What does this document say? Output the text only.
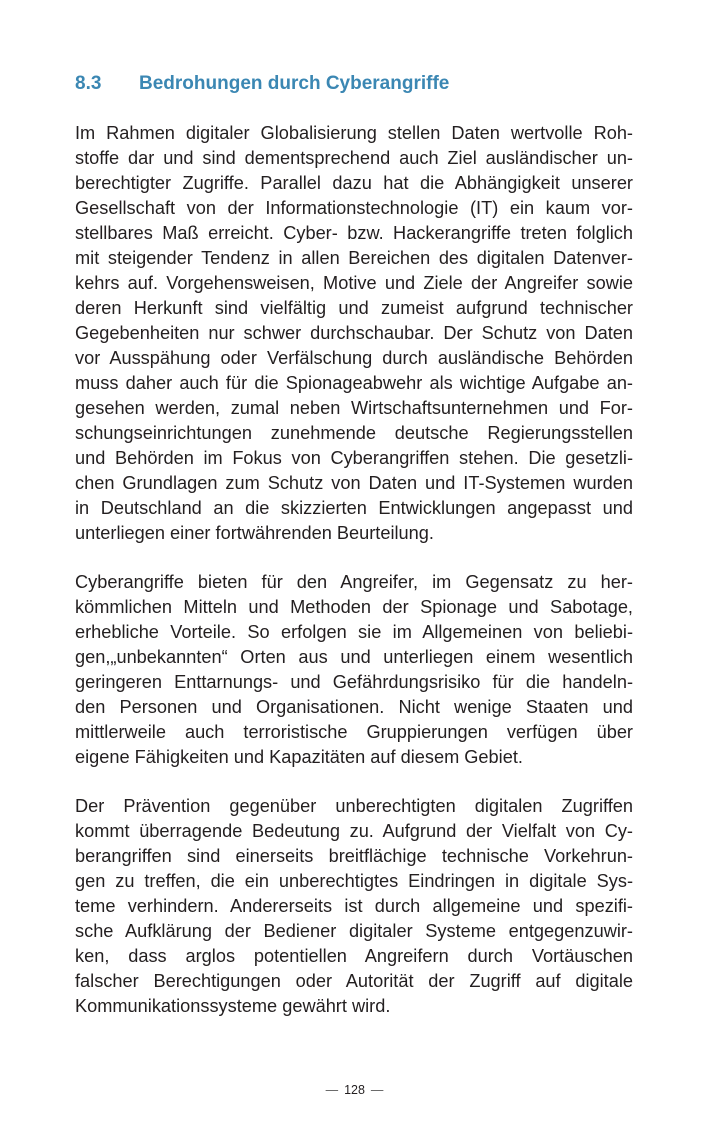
8.3 Bedrohungen durch Cyberangriffe
Im Rahmen digitaler Globalisierung stellen Daten wertvolle Roh-
stoffe dar und sind dementsprechend auch Ziel ausländischer un-
berechtigter Zugriffe. Parallel dazu hat die Abhängigkeit unserer
Gesellschaft von der Informationstechnologie (IT) ein kaum vor-
stellbares Maß erreicht. Cyber- bzw. Hackerangriffe treten folglich
mit steigender Tendenz in allen Bereichen des digitalen Datenver-
kehrs auf. Vorgehensweisen, Motive und Ziele der Angreifer sowie
deren Herkunft sind vielfältig und zumeist aufgrund technischer
Gegebenheiten nur schwer durchschaubar. Der Schutz von Daten
vor Ausspähung oder Verfälschung durch ausländische Behörden
muss daher auch für die Spionageabwehr als wichtige Aufgabe an-
gesehen werden, zumal neben Wirtschaftsunternehmen und For-
schungseinrichtungen zunehmende deutsche Regierungsstellen
und Behörden im Fokus von Cyberangriffen stehen. Die gesetzli-
chen Grundlagen zum Schutz von Daten und IT-Systemen wurden
in Deutschland an die skizzierten Entwicklungen angepasst und
unterliegen einer fortwährenden Beurteilung.
Cyberangriffe bieten für den Angreifer, im Gegensatz zu her-
kömmlichen Mitteln und Methoden der Spionage und Sabotage,
erhebliche Vorteile. So erfolgen sie im Allgemeinen von beliebi-
gen,„unbekannten“ Orten aus und unterliegen einem wesentlich
geringeren Enttarnungs- und Gefährdungsrisiko für die handeln-
den Personen und Organisationen. Nicht wenige Staaten und
mittlerweile auch terroristische Gruppierungen verfügen über
eigene Fähigkeiten und Kapazitäten auf diesem Gebiet.
Der Prävention gegenüber unberechtigten digitalen Zugriffen
kommt überragende Bedeutung zu. Aufgrund der Vielfalt von Cy-
berangriffen sind einerseits breitflächige technische Vorkehrun-
gen zu treffen, die ein unberechtigtes Eindringen in digitale Sys-
teme verhindern. Andererseits ist durch allgemeine und spezifi-
sche Aufklärung der Bediener digitaler Systeme entgegenzuwir-
ken, dass arglos potentiellen Angreifern durch Vortäuschen
falscher Berechtigungen oder Autorität der Zugriff auf digitale
Kommunikationssysteme gewährt wird.
— 128 —
